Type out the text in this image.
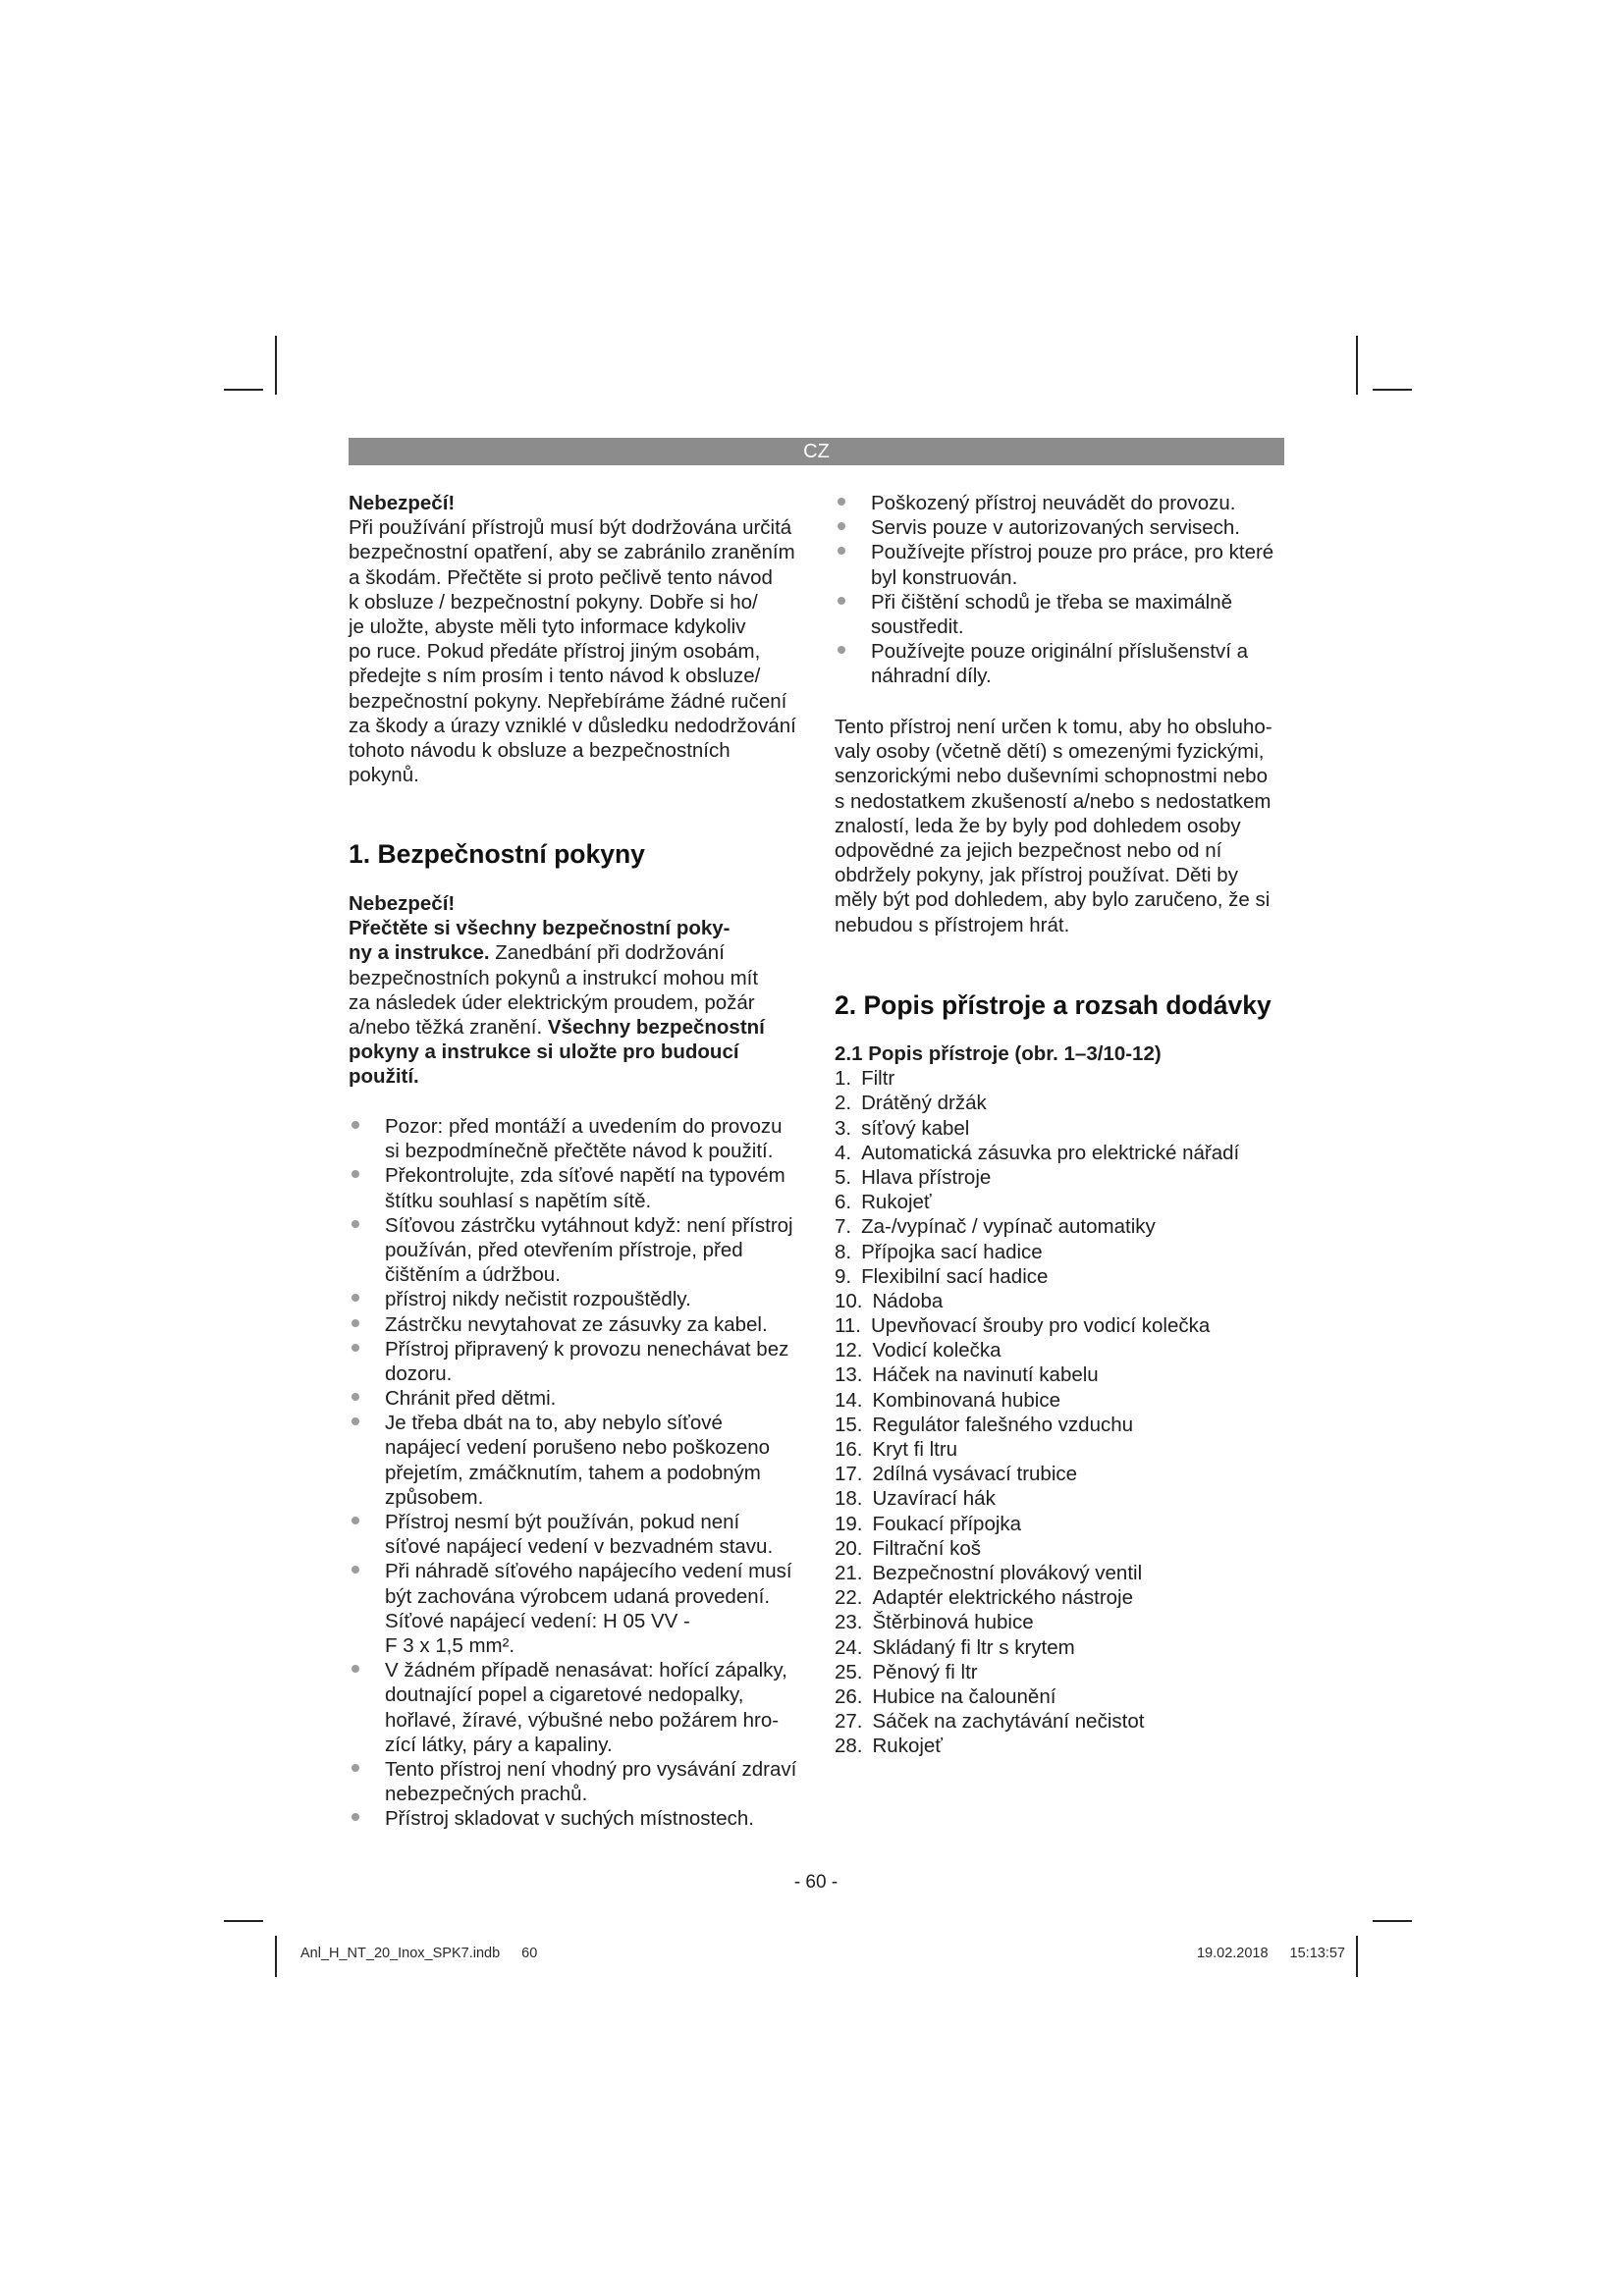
CZ
Nebezpečí!
Při používání přístrojů musí být dodržována určitá
bezpečnostní opatření, aby se zabránilo zraněním
a škodám. Přečtěte si proto pečlivě tento návod
k obsluze / bezpečnostní pokyny. Dobře si ho/
je uložte, abyste měli tyto informace kdykoliv
po ruce. Pokud předáte přístroj jiným osobám,
předejte s ním prosím i tento návod k obsluze/
bezpečnostní pokyny. Nepřebíráme žádné ručení
za škody a úrazy vzniklé v důsledku nedodržování
tohoto návodu k obsluze a bezpečnostních
pokynů.
1. Bezpečnostní pokyny
Nebezpečí!
Přečtěte si všechny bezpečnostní poky-
ny a instrukce. Zanedbání při dodržování
bezpečnostních pokynů a instrukcí mohou mít
za následek úder elektrickým proudem, požár
a/nebo těžká zranění. Všechny bezpečnostní
pokyny a instrukce si uložte pro budoucí
použití.
Pozor: před montáží a uvedením do provozu
si bezpodmínečně přečtěte návod k použití.
Překontrolujte, zda síťové napětí na typovém
štítku souhlasí s napětím sítě.
Síťovou zástrčku vytáhnout když: není přístroj
používán, před otevřením přístroje, před
čištěním a údržbou.
přístroj nikdy nečistit rozpouštědly.
Zástrčku nevytahovat ze zásuvky za kabel.
Přístroj připravený k provozu nenechávat bez
dozoru.
Chránit před dětmi.
Je třeba dbát na to, aby nebylo síťové
napájecí vedení porušeno nebo poškozeno
přejetím, zmáčknutím, tahem a podobným
způsobem.
Přístroj nesmí být používán, pokud není
síťové napájecí vedení v bezvadném stavu.
Při náhradě síťového napájecího vedení musí
být zachována výrobcem udaná provedení.
Síťové napájecí vedení: H 05 VV -
F 3 x 1,5 mm².
V žádném případě nenasávat: hořící zápalky,
doutnající popel a cigaretové nedopalky,
hořlavé, žíravé, výbušné nebo požárem hro-
zící látky, páry a kapaliny.
Tento přístroj není vhodný pro vysávání zdraví
nebezpečných prachů.
Přístroj skladovat v suchých místnostech.
Poškozený přístroj neuvádět do provozu.
Servis pouze v autorizovaných servisech.
Používejte přístroj pouze pro práce, pro které
byl konstruován.
Při čištění schodů je třeba se maximálně
soustředit.
Používejte pouze originální příslušenství a
náhradní díly.
Tento přístroj není určen k tomu, aby ho obsluho-
valy osoby (včetně dětí) s omezenými fyzickými,
senzorickými nebo duševními schopnostmi nebo
s nedostatkem zkušeností a/nebo s nedostatkem
znalostí, leda že by byly pod dohledem osoby
odpovědné za jejich bezpečnost nebo od ní
obdržely pokyny, jak přístroj používat. Děti by
měly být pod dohledem, aby bylo zaručeno, že si
nebudou s přístrojem hrát.
2. Popis přístroje a rozsah dodávky
2.1 Popis přístroje (obr. 1–3/10-12)
1. Filtr
2. Drátěný držák
3. síťový kabel
4. Automatická zásuvka pro elektrické nářadí
5. Hlava přístroje
6. Rukojeť
7. Za-/vypínač / vypínač automatiky
8. Přípojka sací hadice
9. Flexibilní sací hadice
10. Nádoba
11. Upevňovací šrouby pro vodicí kolečka
12. Vodicí kolečka
13. Háček na navinutí kabelu
14. Kombinovaná hubice
15. Regulátor falešného vzduchu
16. Kryt fi ltru
17. 2dílná vysávací trubice
18. Uzavírací hák
19. Foukací přípojka
20. Filtrační koš
21. Bezpečnostní plovákový ventil
22. Adaptér elektrického nástroje
23. Štěrbinová hubice
24. Skládaný fi ltr s krytem
25. Pěnový fi ltr
26. Hubice na čalounění
27. Sáček na zachytávání nečistot
28. Rukojeť
- 60 -
Anl_H_NT_20_Inox_SPK7.indb 60	19.02.2018 15:13:57
